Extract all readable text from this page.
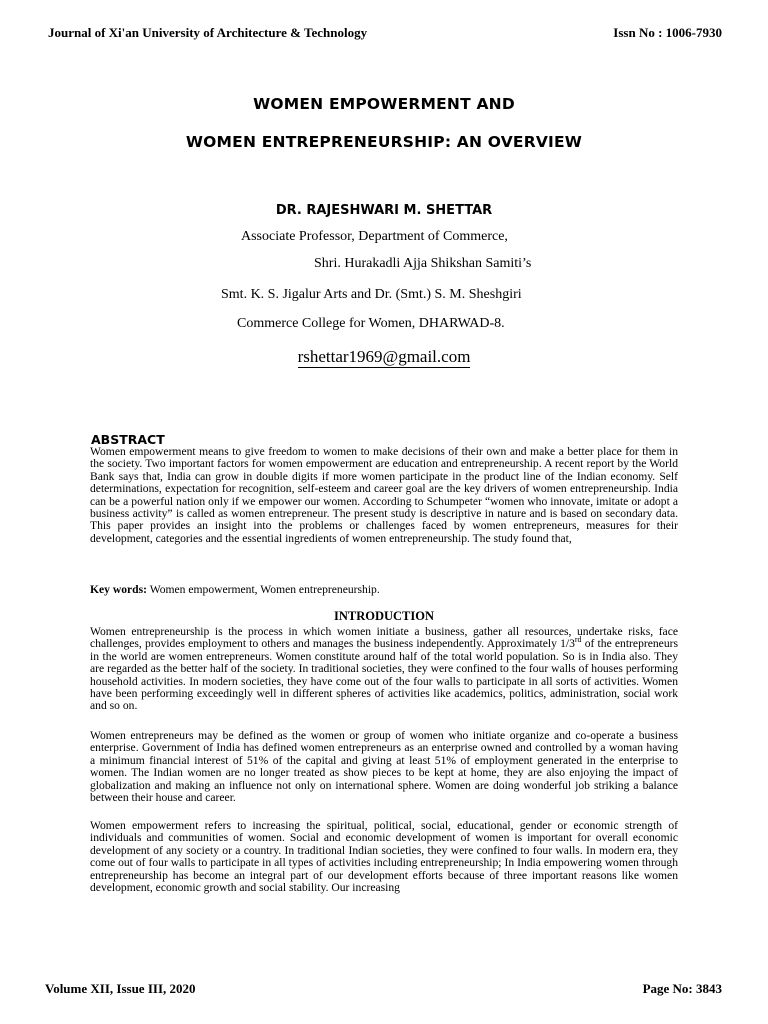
Journal of Xi'an University of Architecture & Technology	Issn No : 1006-7930
WOMEN EMPOWERMENT AND
WOMEN ENTREPRENEURSHIP: AN OVERVIEW
DR. RAJESHWARI M. SHETTAR
Associate Professor, Department of Commerce,
Shri. Hurakadli Ajja Shikshan Samiti’s
Smt. K. S. Jigalur Arts and Dr. (Smt.) S. M. Sheshgiri
Commerce College for Women, DHARWAD-8.
rshettar1969@gmail.com
ABSTRACT
Women empowerment means to give freedom to women to make decisions of their own and make a better place for them in the society. Two important factors for women empowerment are education and entrepreneurship. A recent report by the World Bank says that, India can grow in double digits if more women participate in the product line of the Indian economy. Self determinations, expectation for recognition, self-esteem and career goal are the key drivers of women entrepreneurship. India can be a powerful nation only if we empower our women. According to Schumpeter “women who innovate, imitate or adopt a business activity” is called as women entrepreneur. The present study is descriptive in nature and is based on secondary data. This paper provides an insight into the problems or challenges faced by women entrepreneurs, measures for their development, categories and the essential ingredients of women entrepreneurship. The study found that,
Key words: Women empowerment, Women entrepreneurship.
INTRODUCTION
Women entrepreneurship is the process in which women initiate a business, gather all resources, undertake risks, face challenges, provides employment to others and manages the business independently. Approximately 1/3rd of the entrepreneurs in the world are women entrepreneurs. Women constitute around half of the total world population. So is in India also. They are regarded as the better half of the society. In traditional societies, they were confined to the four walls of houses performing household activities. In modern societies, they have come out of the four walls to participate in all sorts of activities. Women have been performing exceedingly well in different spheres of activities like academics, politics, administration, social work and so on.
Women entrepreneurs may be defined as the women or group of women who initiate organize and co-operate a business enterprise. Government of India has defined women entrepreneurs as an enterprise owned and controlled by a woman having a minimum financial interest of 51% of the capital and giving at least 51% of employment generated in the enterprise to women. The Indian women are no longer treated as show pieces to be kept at home, they are also enjoying the impact of globalization and making an influence not only on international sphere. Women are doing wonderful job striking a balance between their house and career.
Women empowerment refers to increasing the spiritual, political, social, educational, gender or economic strength of individuals and communities of women. Social and economic development of women is important for overall economic development of any society or a country. In traditional Indian societies, they were confined to four walls. In modern era, they come out of four walls to participate in all types of activities including entrepreneurship; In India empowering women through entrepreneurship has become an integral part of our development efforts because of three important reasons like women development, economic growth and social stability. Our increasing
Volume XII, Issue III, 2020	Page No: 3843
